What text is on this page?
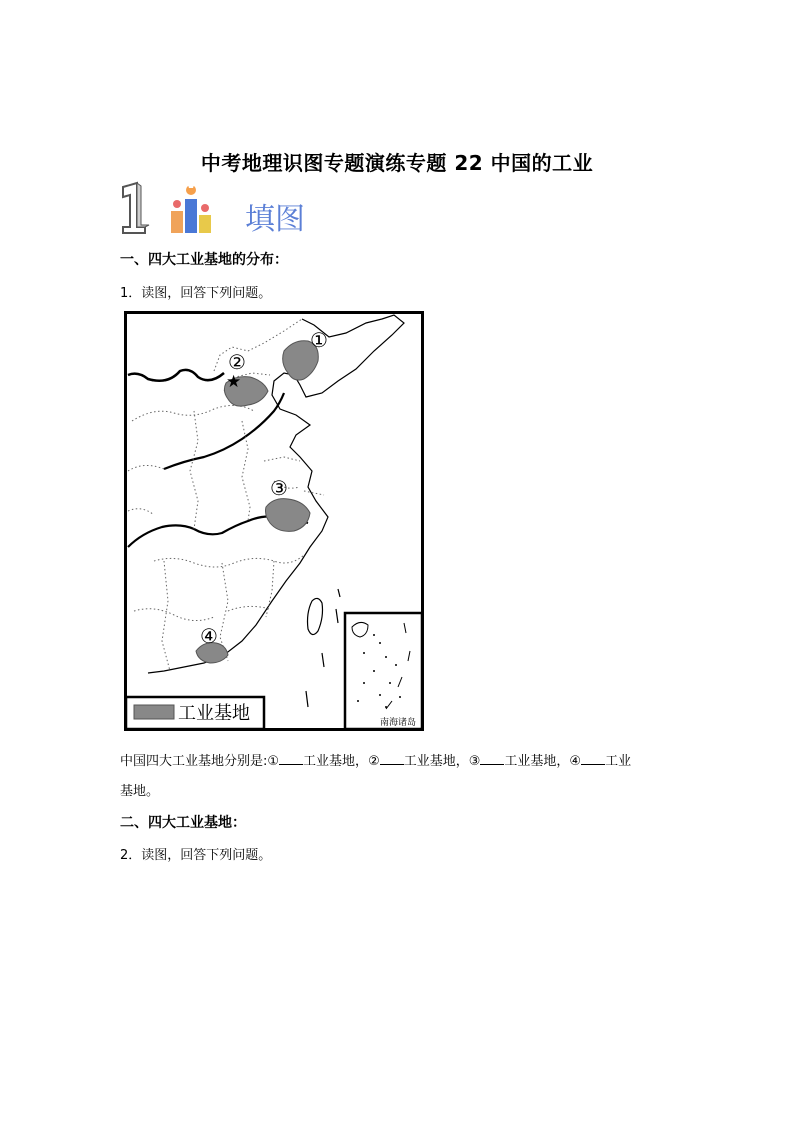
中考地理识图专题演练专题 22 中国的工业
填图
一、四大工业基地的分布：
1．读图，回答下列问题。
①
②
③
④
★
南海诸岛
工业基地
中国四大工业基地分别是:① 工业基地，② 工业基地，③ 工业基地，④ 工业
基地。
二、四大工业基地：
2．读图，回答下列问题。
